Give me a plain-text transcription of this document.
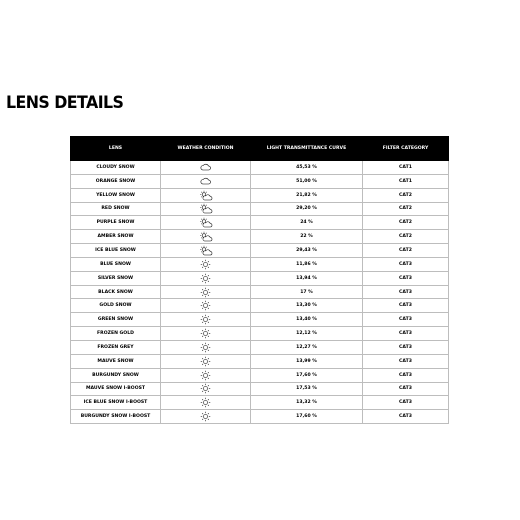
LENS DETAILS
LENS	WEATHER CONDITION	LIGHT TRANSMITTANCE CURVE	FILTER CATEGORY
CLOUDY SNOW		45,53 %	CAT1
ORANGE SNOW		51,00 %	CAT1
YELLOW SNOW		21,82 %	CAT2
RED SNOW		29,20 %	CAT2
PURPLE SNOW		24 %	CAT2
AMBER SNOW		22 %	CAT2
ICE BLUE SNOW		29,43 %	CAT2
BLUE SNOW		11,86 %	CAT3
SILVER SNOW		13,94 %	CAT3
BLACK SNOW		17 %	CAT3
GOLD SNOW		13,30 %	CAT3
GREEN SNOW		13,40 %	CAT3
FROZEN GOLD		12,12 %	CAT3
FROZEN GREY		12,27 %	CAT3
MAUVE SNOW		13,99 %	CAT3
BURGUNDY SNOW		17,60 %	CAT3
MAUVE SNOW I-BOOST		17,53 %	CAT3
ICE BLUE SNOW I-BOOST		13,32 %	CAT3
BURGUNDY SNOW I-BOOST		17,60 %	CAT3
